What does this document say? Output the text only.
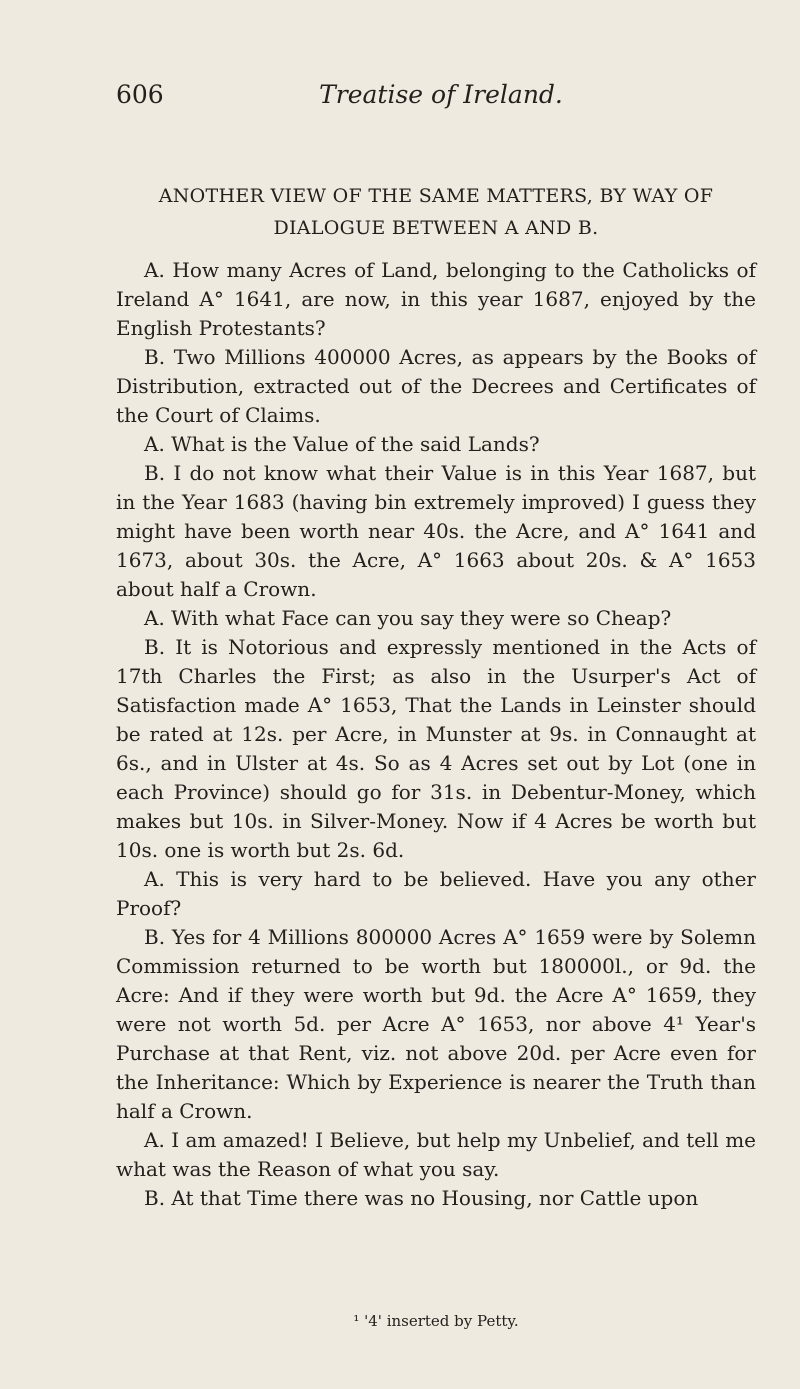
606	Treatise of Ireland.
ANOTHER VIEW OF THE SAME MATTERS, BY WAY OF
DIALOGUE BETWEEN A AND B.

A. How many Acres of Land, belonging to the Catholicks of Ireland A° 1641, are now, in this year 1687, enjoyed by the English Protestants?

B. Two Millions 400000 Acres, as appears by the Books of Distribution, extracted out of the Decrees and Certificates of the Court of Claims.

A. What is the Value of the said Lands?

B. I do not know what their Value is in this Year 1687, but in the Year 1683 (having bin extremely improved) I guess they might have been worth near 40s. the Acre, and A° 1641 and 1673, about 30s. the Acre, A° 1663 about 20s. & A° 1653 about half a Crown.

A. With what Face can you say they were so Cheap?

B. It is Notorious and expressly mentioned in the Acts of 17th Charles the First; as also in the Usurper's Act of Satisfaction made A° 1653, That the Lands in Leinster should be rated at 12s. per Acre, in Munster at 9s. in Connaught at 6s., and in Ulster at 4s. So as 4 Acres set out by Lot (one in each Province) should go for 31s. in Debentur-Money, which makes but 10s. in Silver-Money. Now if 4 Acres be worth but 10s. one is worth but 2s. 6d.

A. This is very hard to be believed. Have you any other Proof?

B. Yes for 4 Millions 800000 Acres A° 1659 were by Solemn Commission returned to be worth but 180000l., or 9d. the Acre: And if they were worth but 9d. the Acre A° 1659, they were not worth 5d. per Acre A° 1653, nor above 4¹ Year's Purchase at that Rent, viz. not above 20d. per Acre even for the Inheritance: Which by Experience is nearer the Truth than half a Crown.

A. I am amazed! I Believe, but help my Unbelief, and tell me what was the Reason of what you say.

B. At that Time there was no Housing, nor Cattle upon

¹ '4' inserted by Petty.
